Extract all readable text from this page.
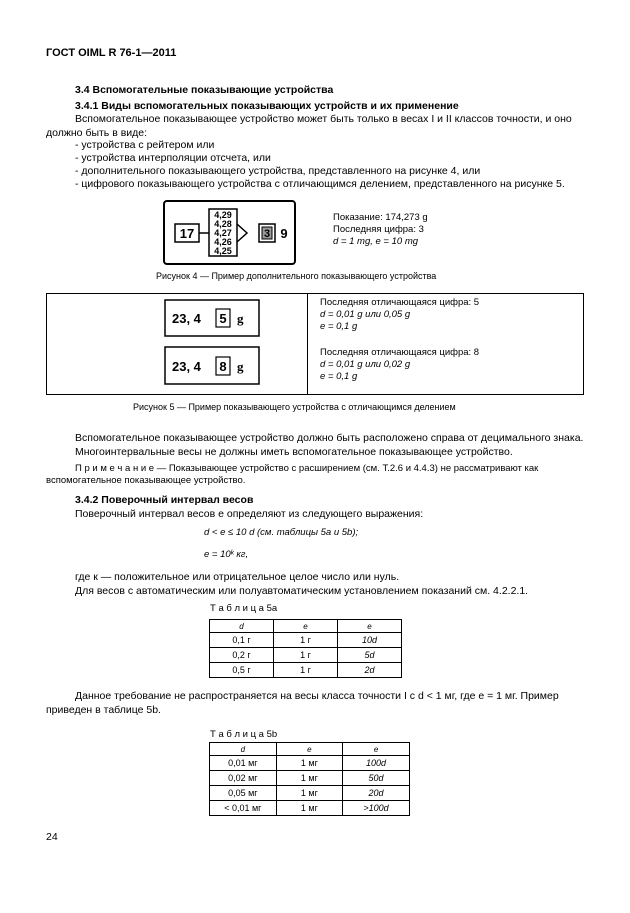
ГОСТ OIML R 76-1—2011
3.4 Вспомогательные показывающие устройства
3.4.1 Виды вспомогательных показывающих устройств и их применение
Вспомогательное показывающее устройство может быть только в весах I и II классов точности, и оно
должно быть в виде:
- устройства с рейтером или
- устройства интерполяции отсчета, или
- дополнительного показывающего устройства, представленного на рисунке 4, или
- цифрового показывающего устройства с отличающимся делением, представленного на рисунке 5.
17
4,29
4,28
4,27
4,26
4,25
3 9
Показание: 174,273 g
Последняя цифра: 3
d = 1 mg, e = 10 mg
Рисунок 4 — Пример дополнительного показывающего устройства
23, 4 5 g
23, 4 8 g
Последняя отличающаяся цифра: 5
d = 0,01 g или 0,05 g
e = 0,1 g
Последняя отличающаяся цифра: 8
d = 0,01 g или 0,02 g
e = 0,1 g
Рисунок 5 — Пример показывающего устройства с отличающимся делением
Вспомогательное показывающее устройство должно быть расположено справа от децимального знака.
Многоинтервальные весы не должны иметь вспомогательное показывающее устройство.
П р и м е ч а н и е — Показывающее устройство с расширением (см. Т.2.6 и 4.4.3) не рассматривают как
вспомогательное показывающее устройство.
3.4.2 Поверочный интервал весов
Поверочный интервал весов e определяют из следующего выражения:
d < e ≤ 10 d (см. таблицы 5а и 5b);
e = 10ᵏ кг,
где к — положительное или отрицательное целое число или нуль.
Для весов с автоматическим или полуавтоматическим установлением показаний см. 4.2.2.1.
Т а б л и ц а 5а
d	e	e
0,1 г	1 г	10d
0,2 г	1 г	5d
0,5 г	1 г	2d
Данное требование не распространяется на весы класса точности I с d < 1 мг, где e = 1 мг. Пример
приведен в таблице 5b.
Т а б л и ц а 5b
d	e	e
0,01 мг	1 мг	100d
0,02 мг	1 мг	50d
0,05 мг	1 мг	20d
< 0,01 мг	1 мг	>100d
24
